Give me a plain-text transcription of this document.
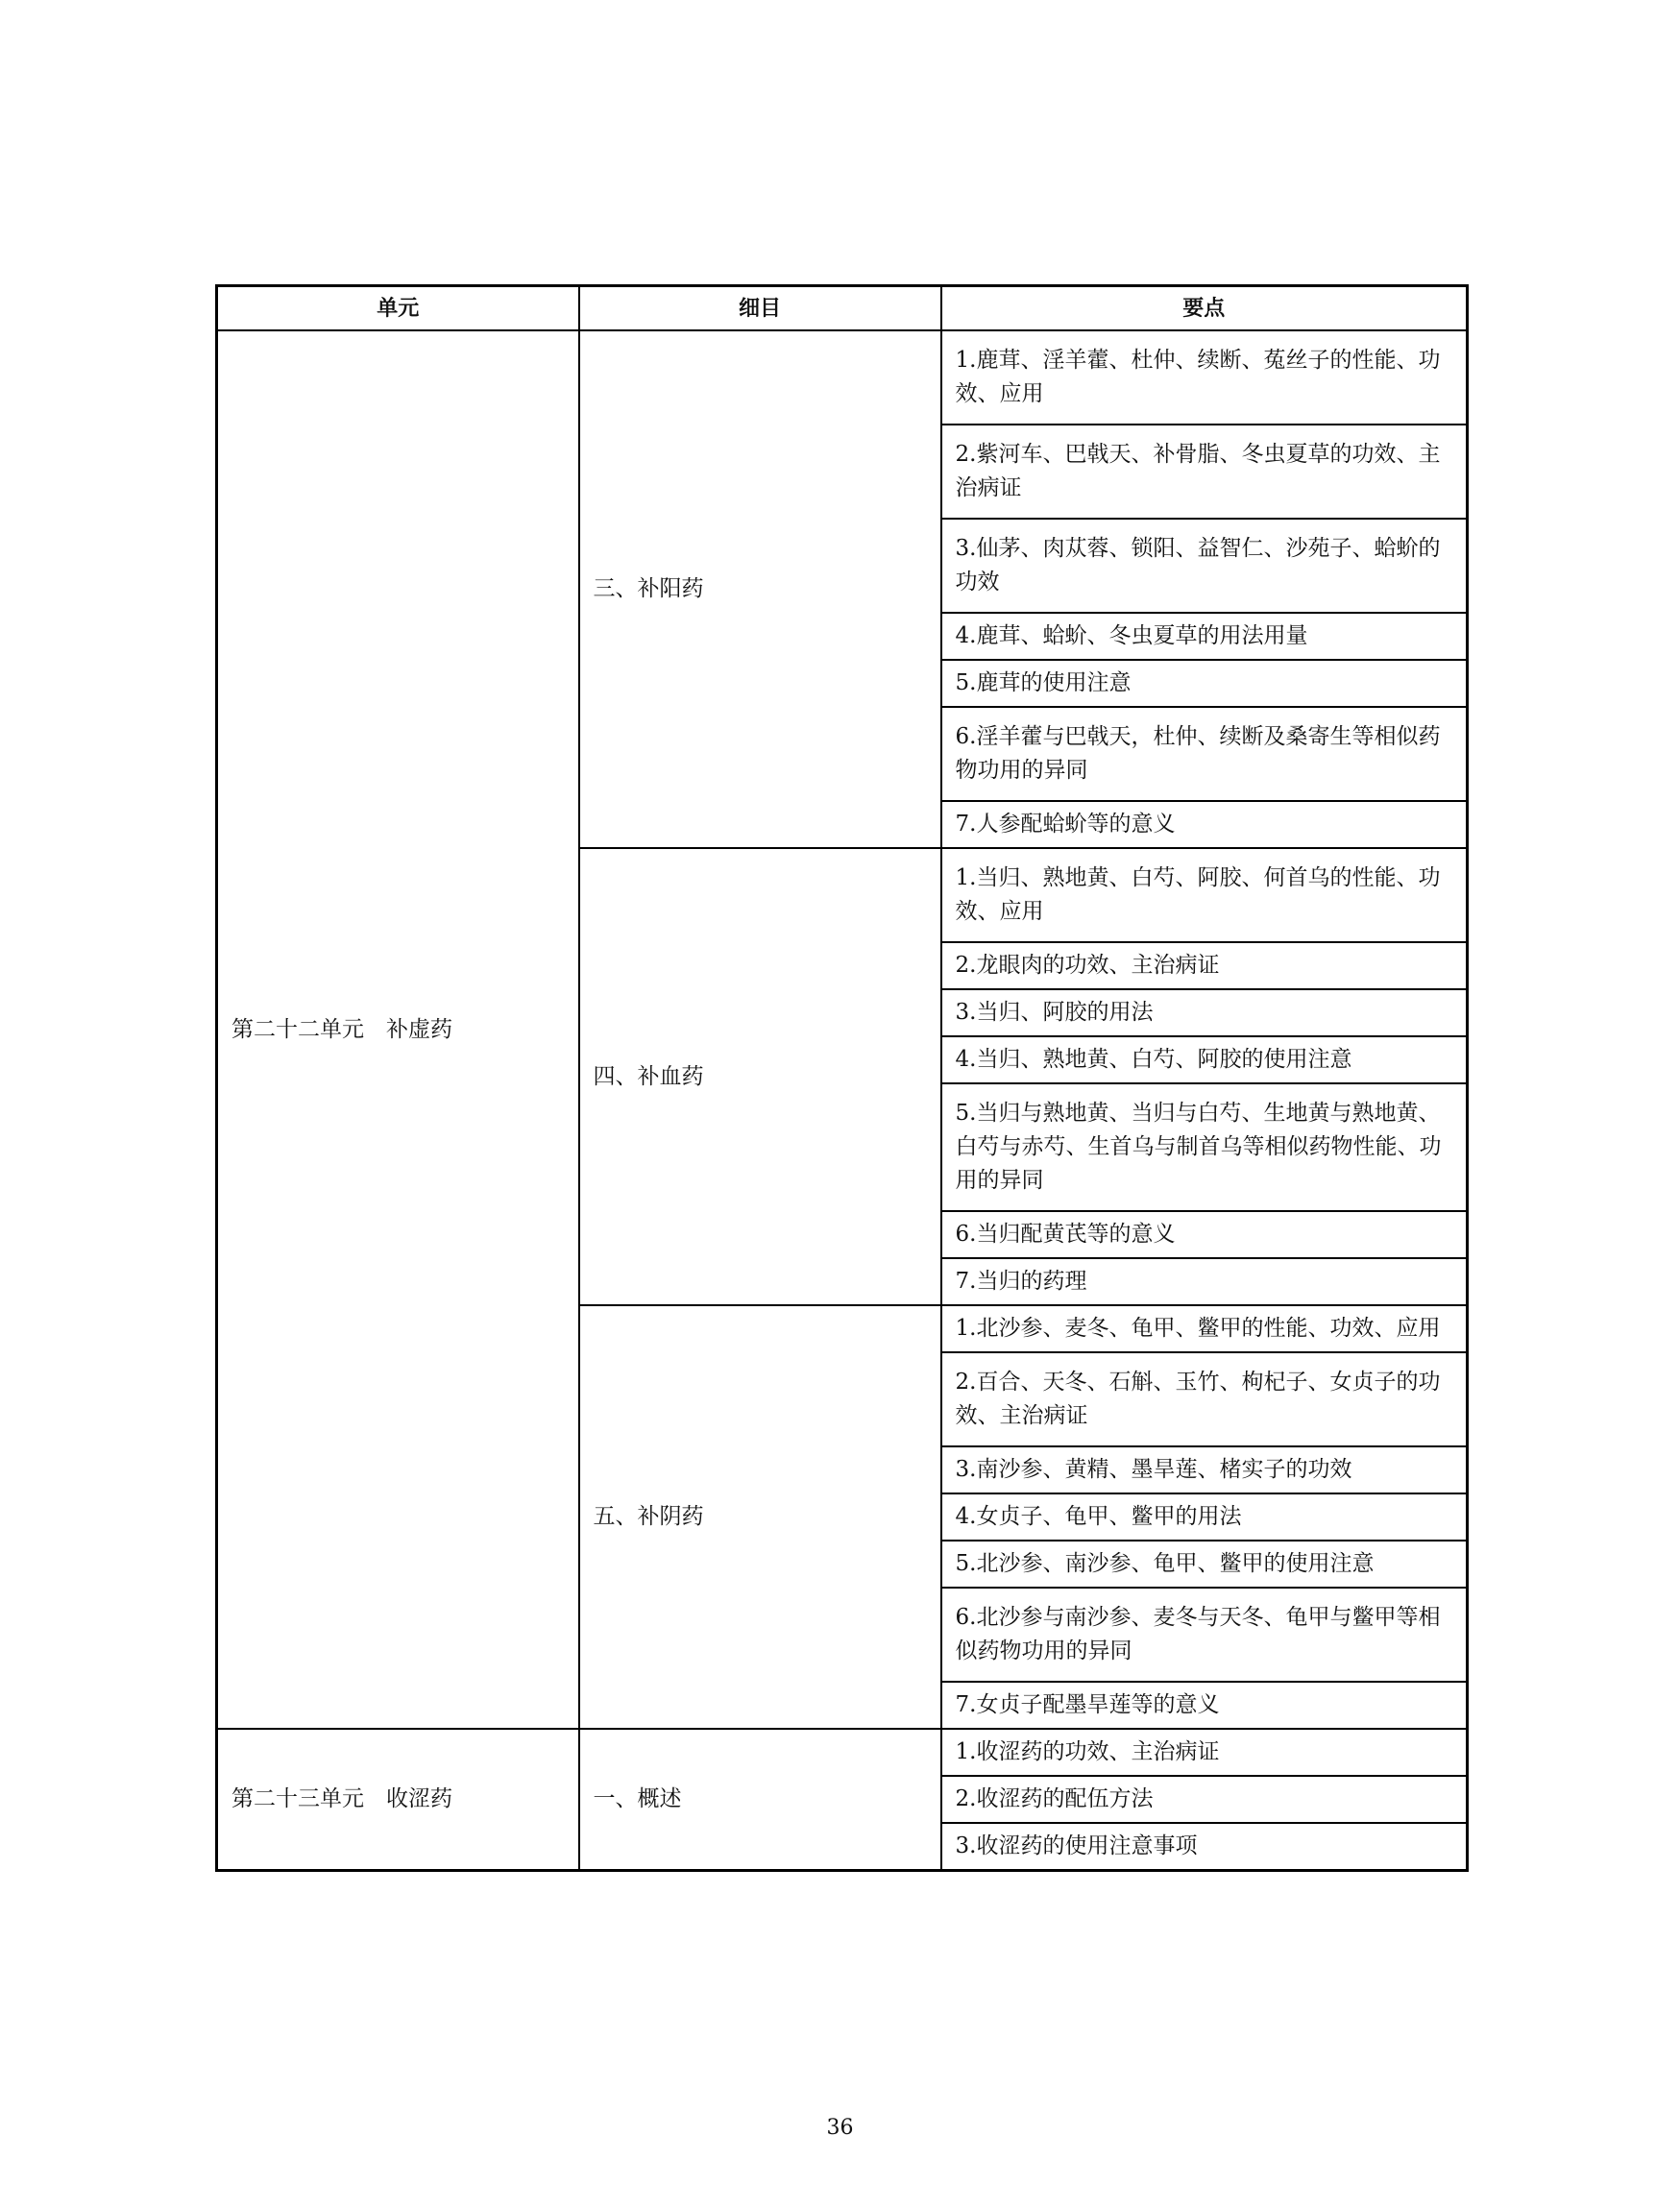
单元	细目	要点
第二十二单元　补虚药	三、补阳药	1.鹿茸、淫羊藿、杜仲、续断、菟丝子的性能、功效、应用
		2.紫河车、巴戟天、补骨脂、冬虫夏草的功效、主治病证
		3.仙茅、肉苁蓉、锁阳、益智仁、沙苑子、蛤蚧的功效
		4.鹿茸、蛤蚧、冬虫夏草的用法用量
		5.鹿茸的使用注意
		6.淫羊藿与巴戟天，杜仲、续断及桑寄生等相似药物功用的异同
		7.人参配蛤蚧等的意义
	四、补血药	1.当归、熟地黄、白芍、阿胶、何首乌的性能、功效、应用
		2.龙眼肉的功效、主治病证
		3.当归、阿胶的用法
		4.当归、熟地黄、白芍、阿胶的使用注意
		5.当归与熟地黄、当归与白芍、生地黄与熟地黄、白芍与赤芍、生首乌与制首乌等相似药物性能、功用的异同
		6.当归配黄芪等的意义
		7.当归的药理
	五、补阴药	1.北沙参、麦冬、龟甲、鳖甲的性能、功效、应用
		2.百合、天冬、石斛、玉竹、枸杞子、女贞子的功效、主治病证
		3.南沙参、黄精、墨旱莲、楮实子的功效
		4.女贞子、龟甲、鳖甲的用法
		5.北沙参、南沙参、龟甲、鳖甲的使用注意
		6.北沙参与南沙参、麦冬与天冬、龟甲与鳖甲等相似药物功用的异同
		7.女贞子配墨旱莲等的意义
第二十三单元　收涩药	一、概述	1.收涩药的功效、主治病证
		2.收涩药的配伍方法
		3.收涩药的使用注意事项
36
